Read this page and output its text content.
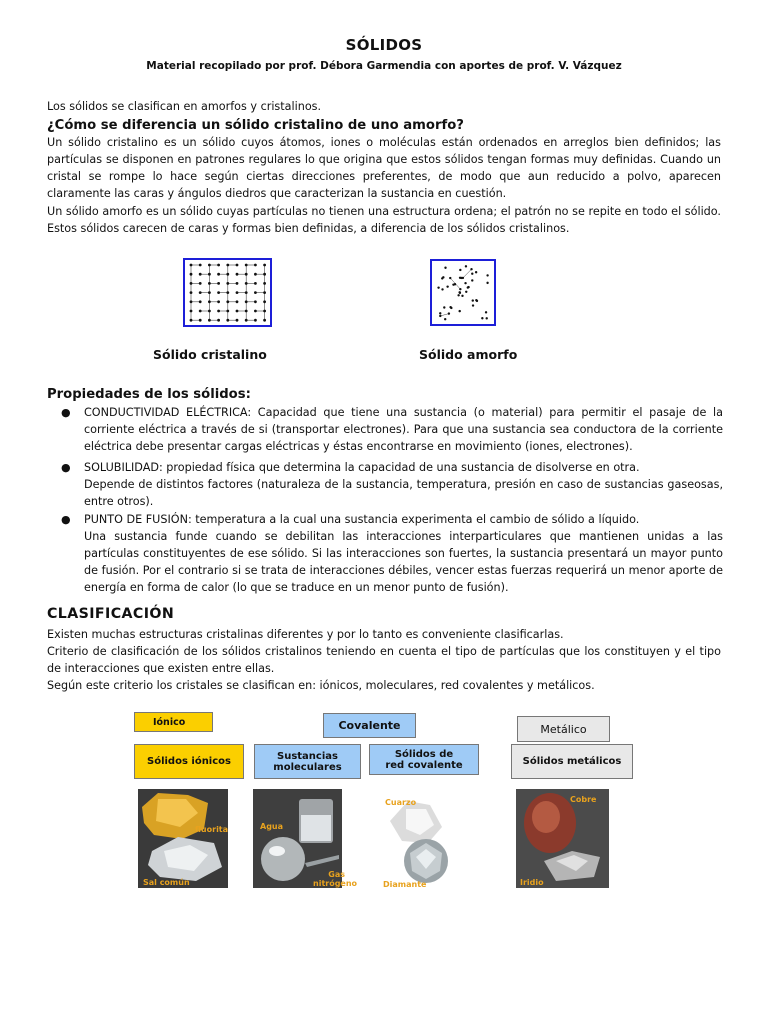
SÓLIDOS
Material recopilado por prof. Débora Garmendia con aportes de prof. V. Vázquez
Los sólidos se clasifican en amorfos y cristalinos.
¿Cómo se diferencia un sólido cristalino de uno amorfo?
Un sólido cristalino es un sólido cuyos átomos, iones o moléculas están ordenados en arreglos bien definidos; las partículas se disponen en patrones regulares lo que origina que estos sólidos tengan formas muy definidas. Cuando un cristal se rompe lo hace según ciertas direcciones preferentes, de modo que aun reducido a polvo, aparecen claramente las caras y ángulos diedros que caracterizan la sustancia en cuestión.
Un sólido amorfo es un sólido cuyas partículas no tienen una estructura ordena; el patrón no se repite en todo el sólido. Estos sólidos carecen de caras y formas bien definidas, a diferencia de los sólidos cristalinos.
Sólido cristalino	Sólido amorfo
Propiedades de los sólidos:
● CONDUCTIVIDAD ELÉCTRICA: Capacidad que tiene una sustancia (o material) para permitir el pasaje de la corriente eléctrica a través de si (transportar electrones). Para que una sustancia sea conductora de la corriente eléctrica debe presentar cargas eléctricas y éstas encontrarse en movimiento (iones, electrones).
● SOLUBILIDAD: propiedad física que determina la capacidad de una sustancia de disolverse en otra.
Depende de distintos factores (naturaleza de la sustancia, temperatura, presión en caso de sustancias gaseosas, entre otros).
● PUNTO DE FUSIÓN: temperatura a la cual una sustancia experimenta el cambio de sólido a líquido.
Una sustancia funde cuando se debilitan las interacciones interparticulares que mantienen unidas a las partículas constituyentes de ese sólido. Si las interacciones son fuertes, la sustancia presentará un mayor punto de fusión. Por el contrario si se trata de interacciones débiles, vencer estas fuerzas requerirá un menor aporte de energía en forma de calor (lo que se traduce en un menor punto de fusión).
CLASIFICACIÓN
Existen muchas estructuras cristalinas diferentes y por lo tanto es conveniente clasificarlas.
Criterio de clasificación de los sólidos cristalinos teniendo en cuenta el tipo de partículas que los constituyen y el tipo de interacciones que existen entre ellas.
Según este criterio los cristales se clasifican en: iónicos, moleculares, red covalentes y metálicos.
Iónico	Covalente	Metálico
Sólidos iónicos	Sustancias moleculares
Sólidos de red covalente	Sólidos metálicos
fluorita
Sal común
Agua
Gas nitrógeno
Cuarzo
Diamante
Cobre
Iridio
